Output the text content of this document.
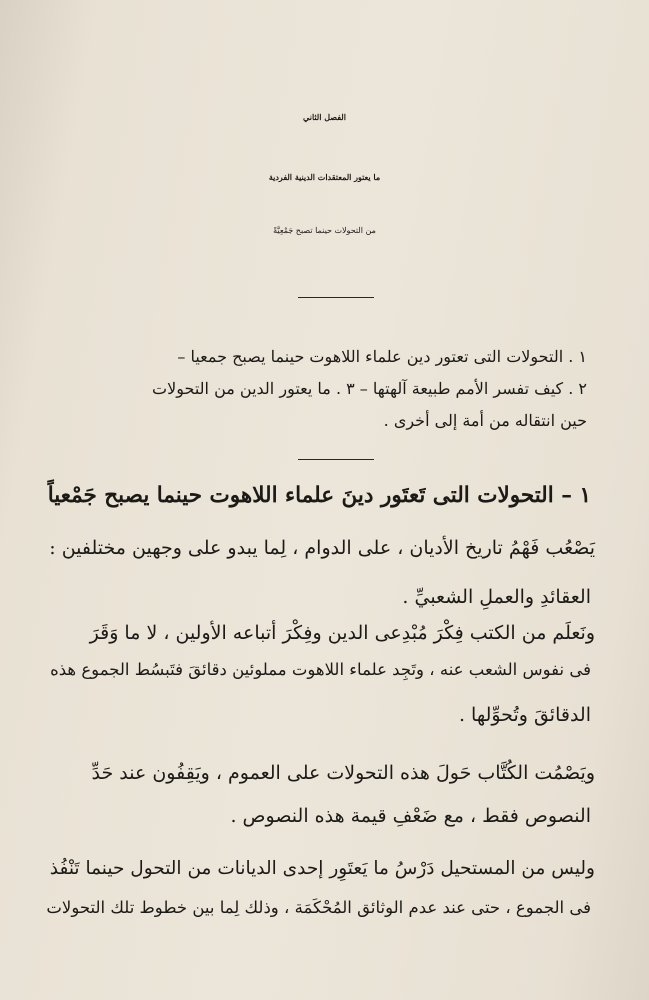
الفصل الثاني
ما يعتور المعتقدات الدينية الفردية
من التحولات حينما تصبح جَمْعِيَّةً
١ . التحولات التى تعتور دين علماء اللاهوت حينما يصبح جمعيا –
٢ . كيف تفسر الأمم طبيعة آلهتها – ٣ . ما يعتور الدين من التحولات
حين انتقاله من أمة إلى أخرى .
١ – التحولات التى تَعتَور دينَ علماء اللاهوت حينما يصبح جَمْعياً
يَصْعُب فَهْمُ تاريخ الأديان ، على الدوام ، لِما يبدو على وجهين مختلفين :
العقائدِ والعملِ الشعبيِّ .
ونَعلَم من الكتب فِكْرَ مُبْدِعى الدين وفِكْرَ أتباعه الأولين ، لا ما وَقَرَ
فى نفوس الشعب عنه ، وتَجِد علماء اللاهوت مملوئين دقائقَ فتَبسُط الجموع هذه
الدقائقَ وتُحوِّلها .
ويَصْمُت الكُتَّاب حَولَ هذه التحولات على العموم ، ويَقِفُون عند حَدِّ
النصوص فقط ، مع ضَعْفِ قيمة هذه النصوص .
وليس من المستحيل دَرْسُ ما يَعتَوِر إحدى الديانات من التحول حينما تَنْفُذ
فى الجموع ، حتى عند عدم الوثائق المُحْكَمَة ، وذلك لِما بين خطوط تلك التحولات
